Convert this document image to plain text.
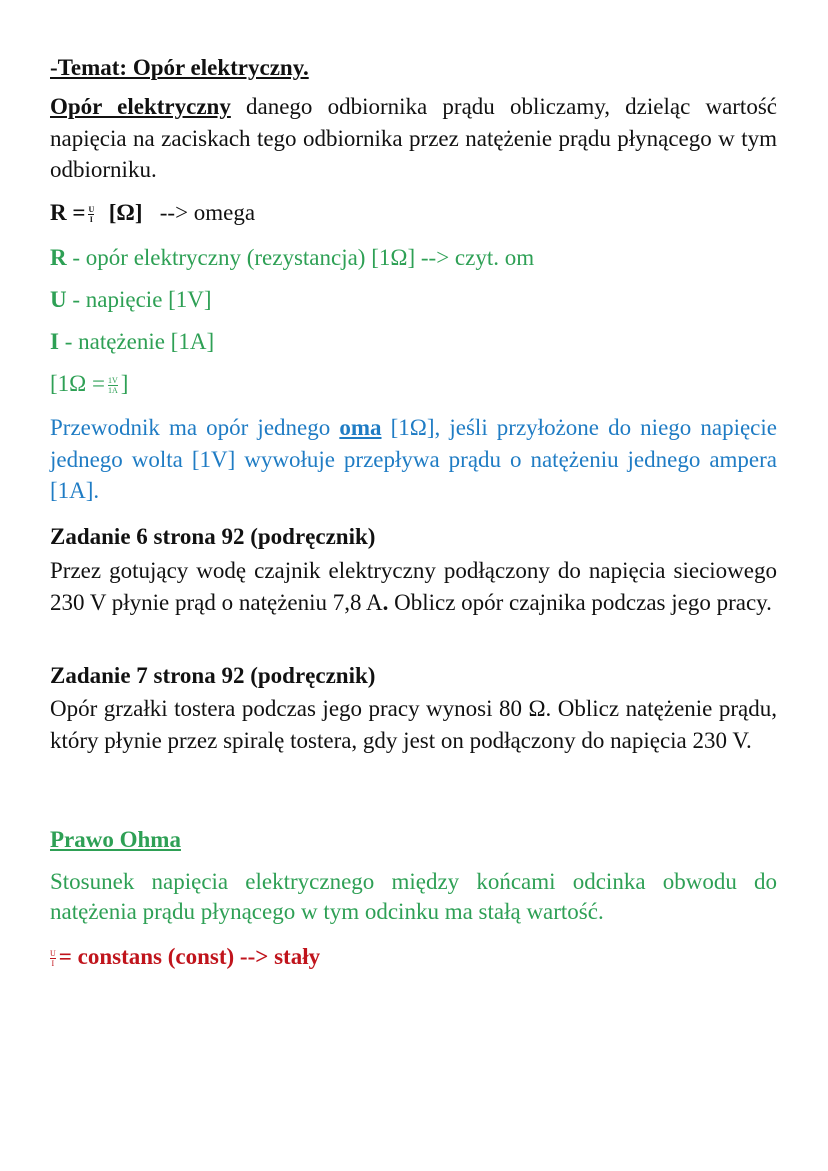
-Temat: Opór elektryczny.
Opór elektryczny danego odbiornika prądu obliczamy, dzieląc wartość napięcia na zaciskach tego odbiornika przez natężenie prądu płynącego w tym odbiorniku.
$R = \frac{U}{I} [\Omega]$ --> omega
R - opór elektryczny (rezystancja) [1Ω] --> czyt. om
U - napięcie [1V]
I - natężenie [1A]
[$1\Omega = \frac{1V}{1A}$ ]
Przewodnik ma opór jednego oma [1Ω], jeśli przyłożone do niego napięcie jednego wolta [1V] wywołuje przepływa prądu o natężeniu jednego ampera [1A].
Zadanie 6 strona 92 (podręcznik)
Przez gotujący wodę czajnik elektryczny podłączony do napięcia sieciowego 230 V płynie prąd o natężeniu 7,8 A. Oblicz opór czajnika podczas jego pracy.
Zadanie 7 strona 92 (podręcznik)
Opór grzałki tostera podczas jego pracy wynosi 80 Ω. Oblicz natężenie prądu, który płynie przez spiralę tostera, gdy jest on podłączony do napięcia 230 V.
Prawo Ohma
Stosunek napięcia elektrycznego między końcami odcinka obwodu do natężenia prądu płynącego w tym odcinku ma stałą wartość.
$\frac{U}{I}$ = constans (const) --> stały
